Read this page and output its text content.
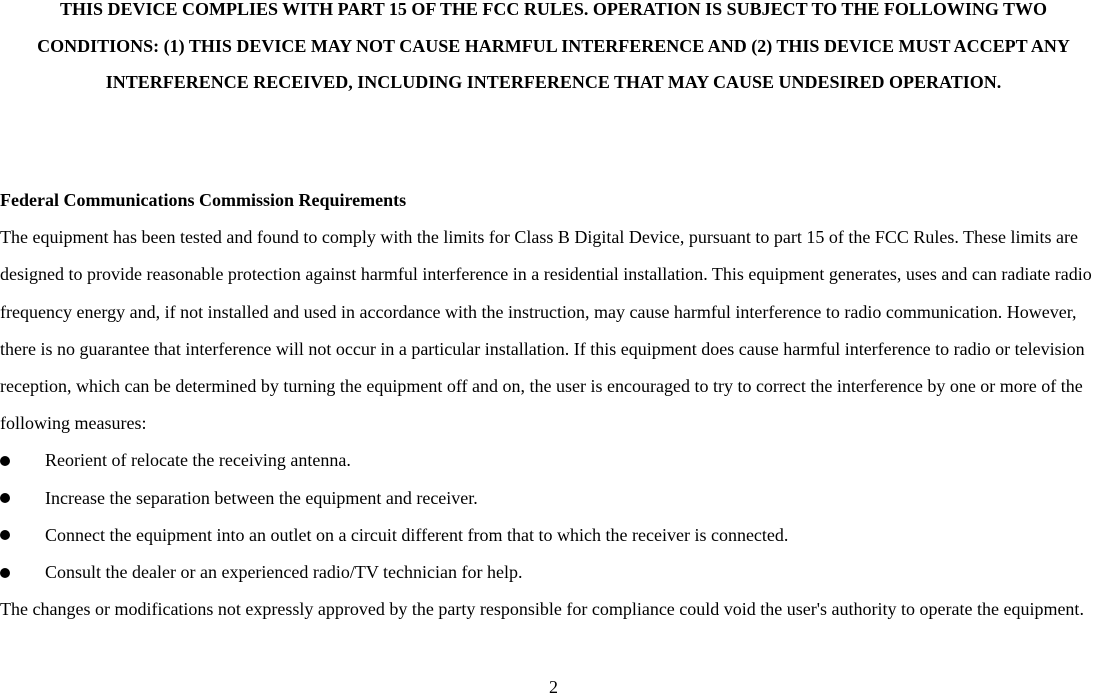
THIS DEVICE COMPLIES WITH PART 15 OF THE FCC RULES. OPERATION IS SUBJECT TO THE FOLLOWING TWO CONDITIONS: (1) THIS DEVICE MAY NOT CAUSE HARMFUL INTERFERENCE AND (2) THIS DEVICE MUST ACCEPT ANY INTERFERENCE RECEIVED, INCLUDING INTERFERENCE THAT MAY CAUSE UNDESIRED OPERATION.
Federal Communications Commission Requirements

The equipment has been tested and found to comply with the limits for Class B Digital Device, pursuant to part 15 of the FCC Rules. These limits are designed to provide reasonable protection against harmful interference in a residential installation. This equipment generates, uses and can radiate radio frequency energy and, if not installed and used in accordance with the instruction, may cause harmful interference to radio communication. However, there is no guarantee that interference will not occur in a particular installation. If this equipment does cause harmful interference to radio or television reception, which can be determined by turning the equipment off and on, the user is encouraged to try to correct the interference by one or more of the following measures:

Reorient of relocate the receiving antenna.
Increase the separation between the equipment and receiver.
Connect the equipment into an outlet on a circuit different from that to which the receiver is connected.
Consult the dealer or an experienced radio/TV technician for help.

The changes or modifications not expressly approved by the party responsible for compliance could void the user's authority to operate the equipment.

2
